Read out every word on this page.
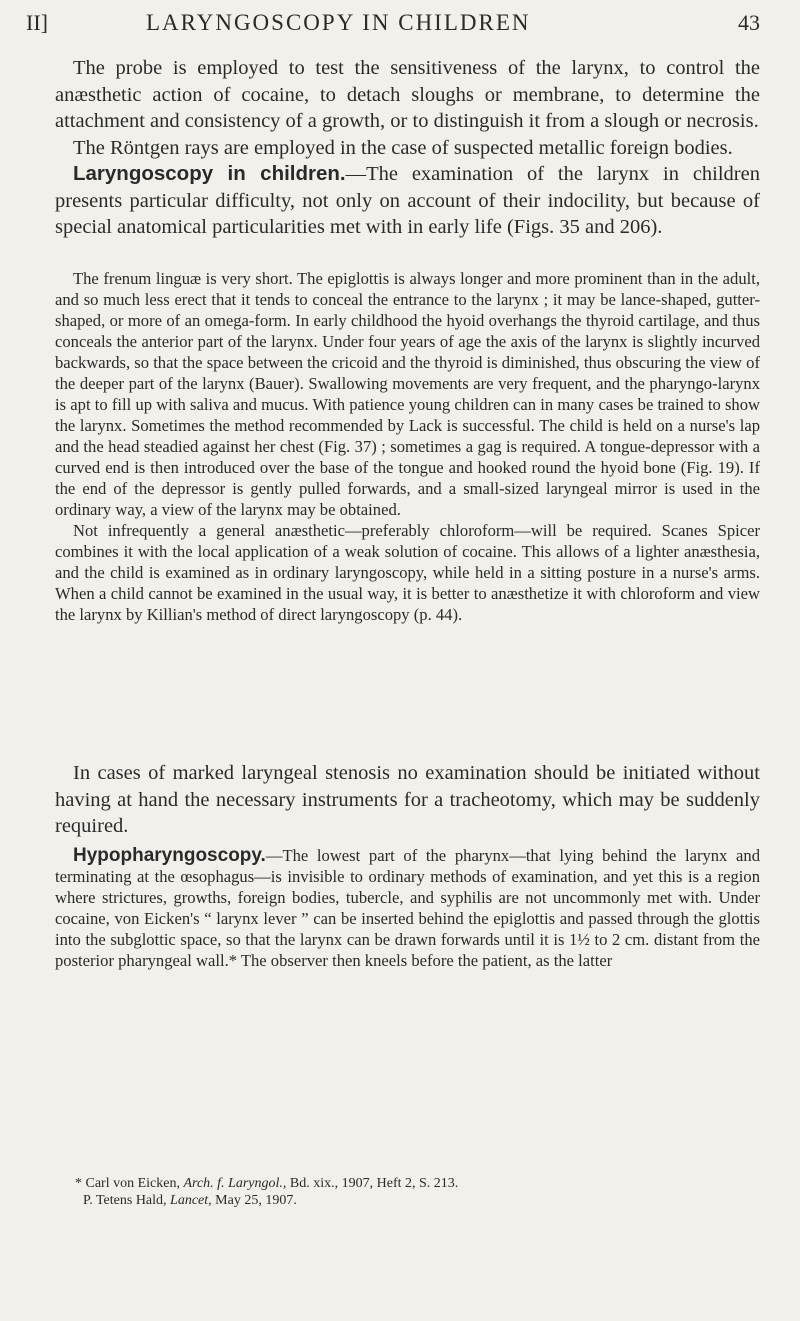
II]	LARYNGOSCOPY IN CHILDREN	43

The probe is employed to test the sensitiveness of the larynx, to control the anæsthetic action of cocaine, to detach sloughs or membrane, to determine the attachment and consistency of a growth, or to distinguish it from a slough or necrosis.

The Röntgen rays are employed in the case of suspected metallic foreign bodies.

Laryngoscopy in children.—The examination of the larynx in children presents particular difficulty, not only on account of their indocility, but because of special anatomical particularities met with in early life (Figs. 35 and 206).

The frenum linguæ is very short. The epiglottis is always longer and more prominent than in the adult, and so much less erect that it tends to conceal the entrance to the larynx ; it may be lance-shaped, gutter-shaped, or more of an omega-form. In early childhood the hyoid overhangs the thyroid cartilage, and thus conceals the anterior part of the larynx. Under four years of age the axis of the larynx is slightly incurved backwards, so that the space between the cricoid and the thyroid is diminished, thus obscuring the view of the deeper part of the larynx (Bauer). Swallowing movements are very frequent, and the pharyngo-larynx is apt to fill up with saliva and mucus. With patience young children can in many cases be trained to show the larynx. Sometimes the method recommended by Lack is successful. The child is held on a nurse's lap and the head steadied against her chest (Fig. 37) ; sometimes a gag is required. A tongue-depressor with a curved end is then introduced over the base of the tongue and hooked round the hyoid bone (Fig. 19). If the end of the depressor is gently pulled forwards, and a small-sized laryngeal mirror is used in the ordinary way, a view of the larynx may be obtained.

Not infrequently a general anæsthetic—preferably chloroform—will be required. Scanes Spicer combines it with the local application of a weak solution of cocaine. This allows of a lighter anæsthesia, and the child is examined as in ordinary laryngoscopy, while held in a sitting posture in a nurse's arms. When a child cannot be examined in the usual way, it is better to anæsthetize it with chloroform and view the larynx by Killian's method of direct laryngoscopy (p. 44).

In cases of marked laryngeal stenosis no examination should be initiated without having at hand the necessary instruments for a tracheotomy, which may be suddenly required.

Hypopharyngoscopy.—The lowest part of the pharynx—that lying behind the larynx and terminating at the œsophagus—is invisible to ordinary methods of examination, and yet this is a region where strictures, growths, foreign bodies, tubercle, and syphilis are not uncommonly met with. Under cocaine, von Eicken's “ larynx lever ” can be inserted behind the epiglottis and passed through the glottis into the subglottic space, so that the larynx can be drawn forwards until it is 1½ to 2 cm. distant from the posterior pharyngeal wall.* The observer then kneels before the patient, as the latter

* Carl von Eicken, Arch. f. Laryngol., Bd. xix., 1907, Heft 2, S. 213.

P. Tetens Hald, Lancet, May 25, 1907.
